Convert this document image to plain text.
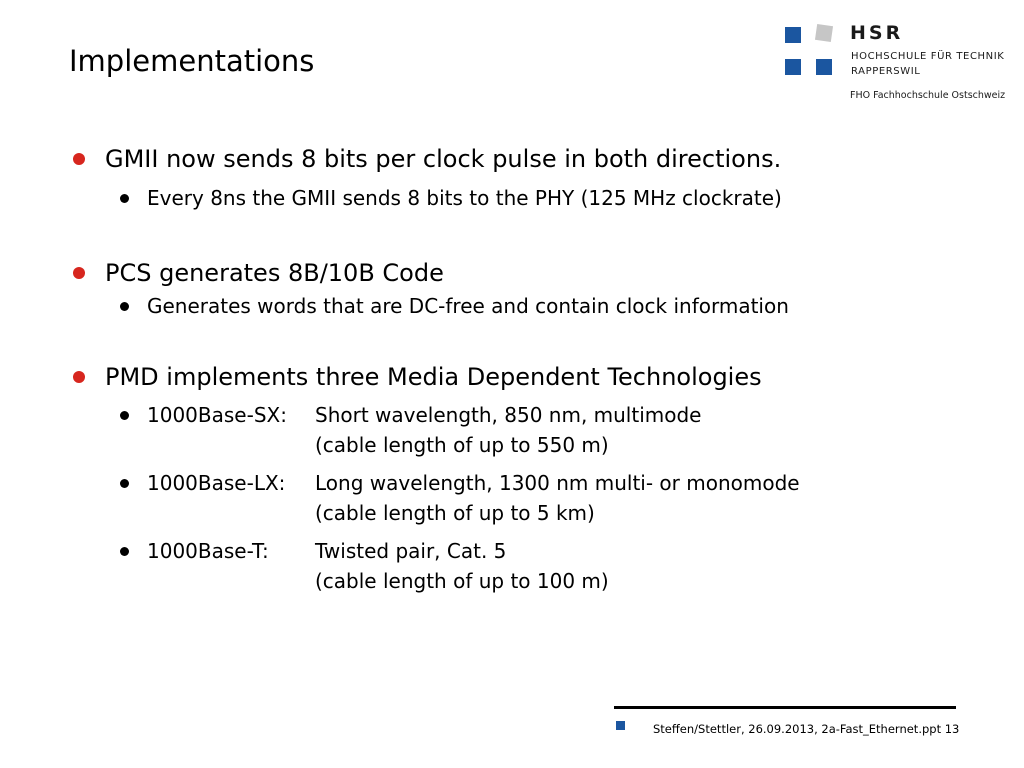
Implementations
HSR
HOCHSCHULE FÜR TECHNIK
RAPPERSWIL
FHO Fachhochschule Ostschweiz
GMII now sends 8 bits per clock pulse in both directions.
Every 8ns the GMII sends 8 bits to the PHY (125 MHz clockrate)
PCS generates 8B/10B Code
Generates words that are DC-free and contain clock information
PMD implements three Media Dependent Technologies
1000Base-SX: Short wavelength, 850 nm, multimode
(cable length of up to 550 m)
1000Base-LX: Long wavelength, 1300 nm multi- or monomode
(cable length of up to 5 km)
1000Base-T: Twisted pair, Cat. 5
(cable length of up to 100 m)
Steffen/Stettler, 26.09.2013, 2a-Fast_Ethernet.ppt 13
